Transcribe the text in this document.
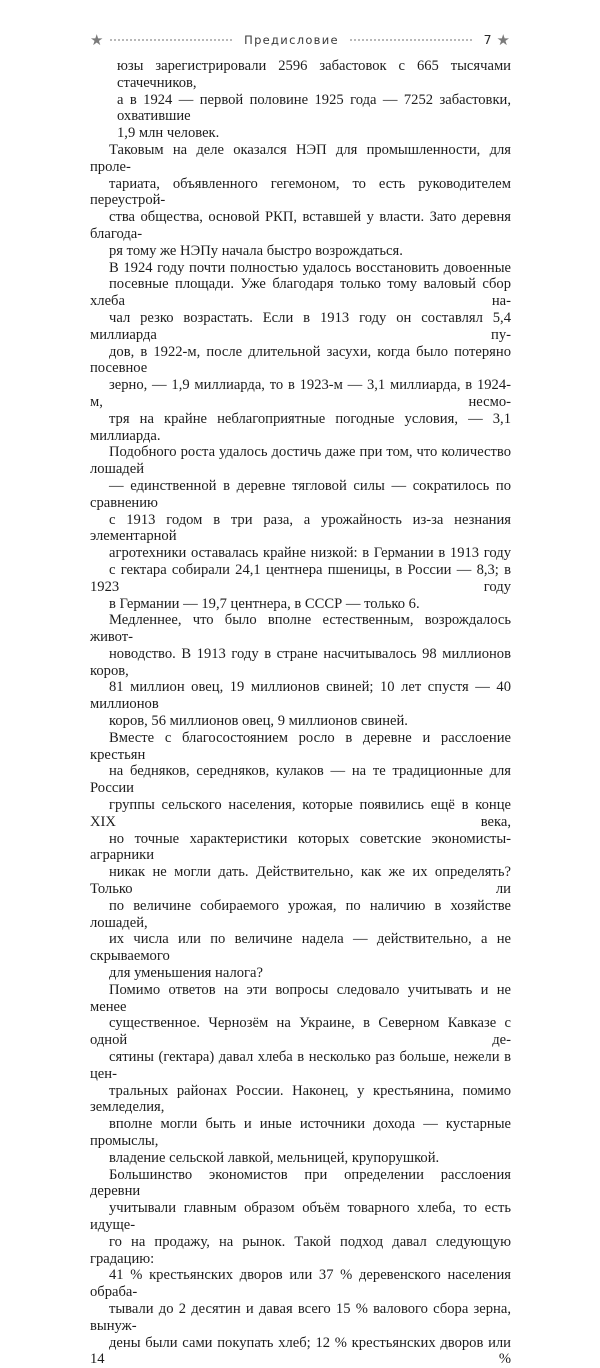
★	Предисловие	7 ★

юзы зарегистрировали 2596 забастовок с 665 тысячами стачечников,
а в 1924 — первой половине 1925 года — 7252 забастовки, охватившие
1,9 млн человек.

Таковым на деле оказался НЭП для промышленности, для проле-
тариата, объявленного гегемоном, то есть руководителем переустрой-
ства общества, основой РКП, вставшей у власти. Зато деревня благода-
ря тому же НЭПу начала быстро возрождаться.

В 1924 году почти полностью удалось восстановить довоенные
посевные площади. Уже благодаря только тому валовый сбор хлеба на-
чал резко возрастать. Если в 1913 году он составлял 5,4 миллиарда пу-
дов, в 1922-м, после длительной засухи, когда было потеряно посевное
зерно, — 1,9 миллиарда, то в 1923-м — 3,1 миллиарда, в 1924-м, несмо-
тря на крайне неблагоприятные погодные условия, — 3,1 миллиарда.
Подобного роста удалось достичь даже при том, что количество лошадей
— единственной в деревне тягловой силы — сократилось по сравнению
с 1913 годом в три раза, а урожайность из-за незнания элементарной
агротехники оставалась крайне низкой: в Германии в 1913 году
с гектара собирали 24,1 центнера пшеницы, в России — 8,3; в 1923 году
в Германии — 19,7 центнера, в СССР — только 6.

Медленнее, что было вполне естественным, возрождалось живот-
новодство. В 1913 году в стране насчитывалось 98 миллионов коров,
81 миллион овец, 19 миллионов свиней; 10 лет спустя — 40 миллионов
коров, 56 миллионов овец, 9 миллионов свиней.

Вместе с благосостоянием росло в деревне и расслоение крестьян
на бедняков, середняков, кулаков — на те традиционные для России
группы сельского населения, которые появились ещё в конце XIX века,
но точные характеристики которых советские экономисты-аграрники
никак не могли дать. Действительно, как же их определять? Только ли
по величине собираемого урожая, по наличию в хозяйстве лошадей,
их числа или по величине надела — действительно, а не скрываемого
для уменьшения налога?

Помимо ответов на эти вопросы следовало учитывать и не менее
существенное. Чернозём на Украине, в Северном Кавказе с одной де-
сятины (гектара) давал хлеба в несколько раз больше, нежели в цен-
тральных районах России. Наконец, у крестьянина, помимо земледелия,
вполне могли быть и иные источники дохода — кустарные промыслы,
владение сельской лавкой, мельницей, крупорушкой.

Большинство экономистов при определении расслоения деревни
учитывали главным образом объём товарного хлеба, то есть идуще-
го на продажу, на рынок. Такой подход давал следующую градацию:
41 % крестьянских дворов или 37 % деревенского населения обраба-
тывали до 2 десятин и давая всего 15 % валового сбора зерна, вынуж-
дены были сами покупать хлеб; 12 % крестьянских дворов или 14 %
